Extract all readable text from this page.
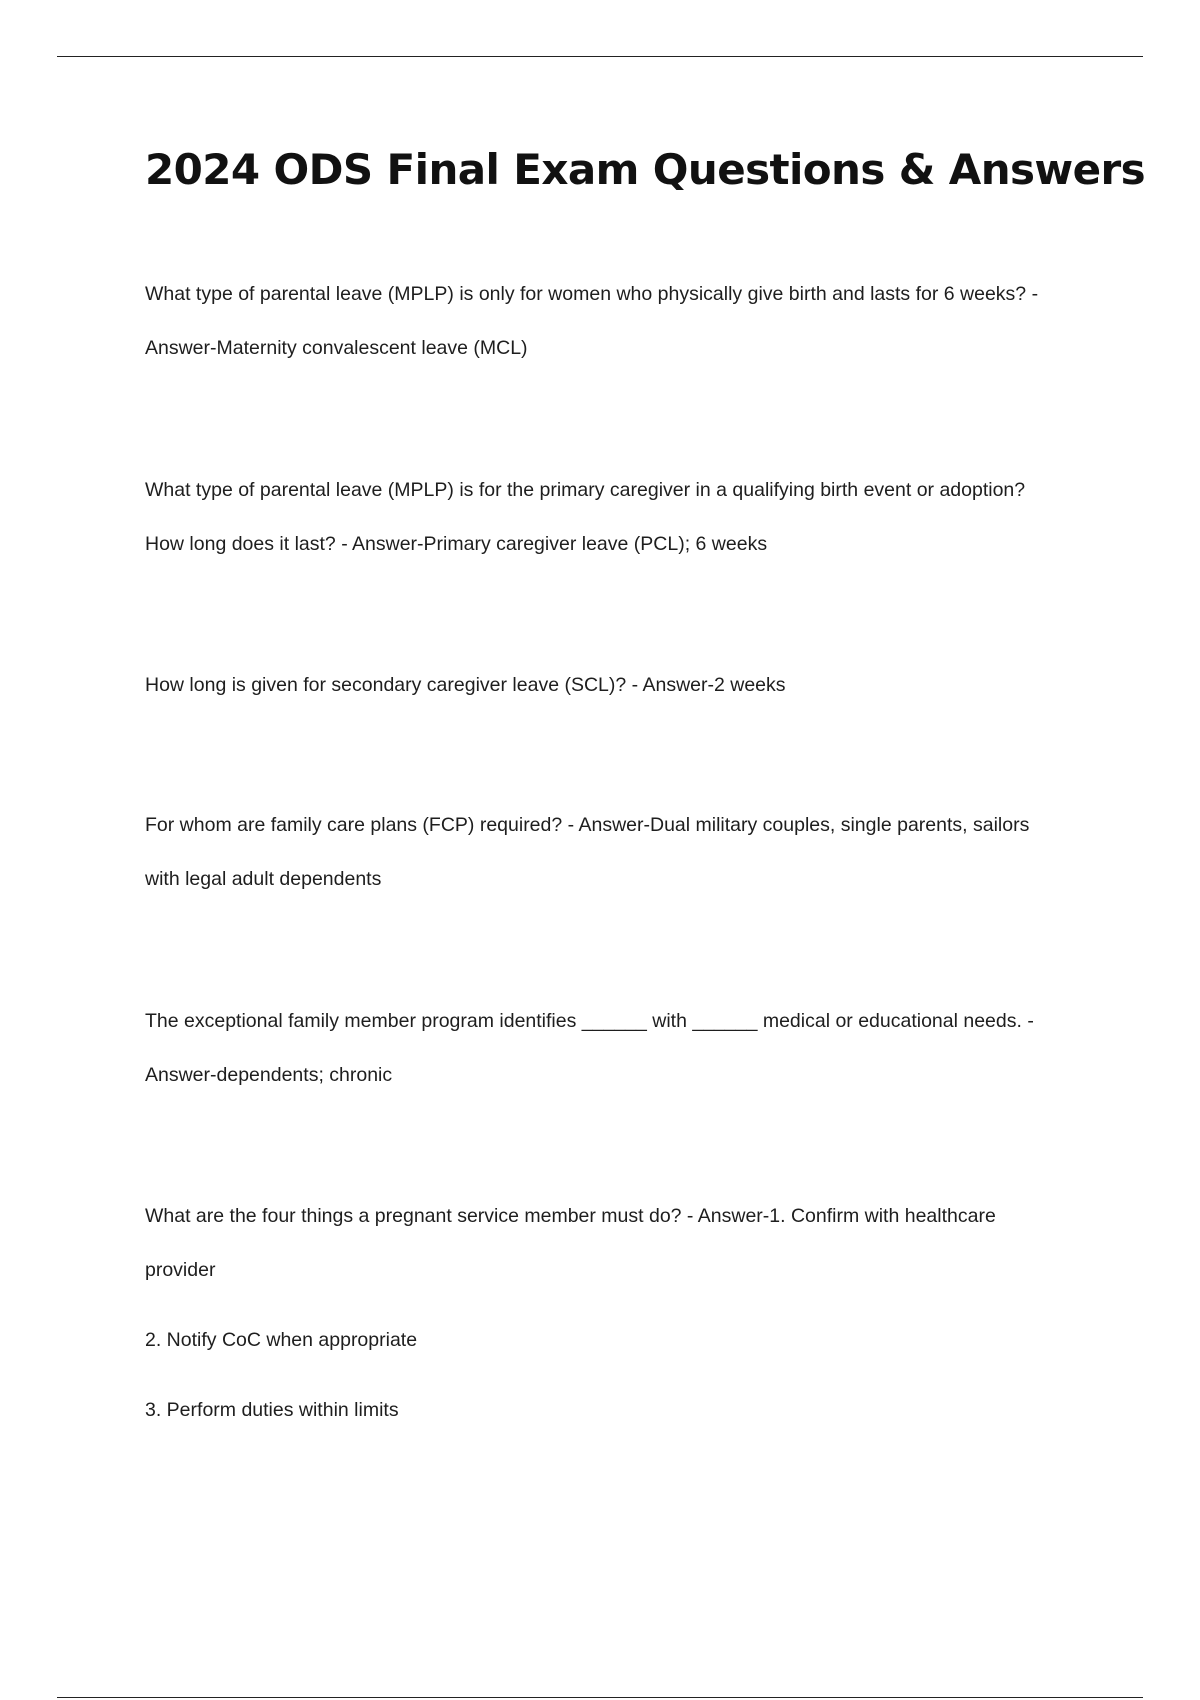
2024 ODS Final Exam Questions & Answers
What type of parental leave (MPLP) is only for women who physically give birth and lasts for 6 weeks? -
Answer-Maternity convalescent leave (MCL)
What type of parental leave (MPLP) is for the primary caregiver in a qualifying birth event or adoption?
How long does it last? - Answer-Primary caregiver leave (PCL); 6 weeks
How long is given for secondary caregiver leave (SCL)? - Answer-2 weeks
For whom are family care plans (FCP) required? - Answer-Dual military couples, single parents, sailors
with legal adult dependents
The exceptional family member program identifies ______ with ______ medical or educational needs. -
Answer-dependents; chronic
What are the four things a pregnant service member must do? - Answer-1. Confirm with healthcare
provider
2. Notify CoC when appropriate
3. Perform duties within limits
